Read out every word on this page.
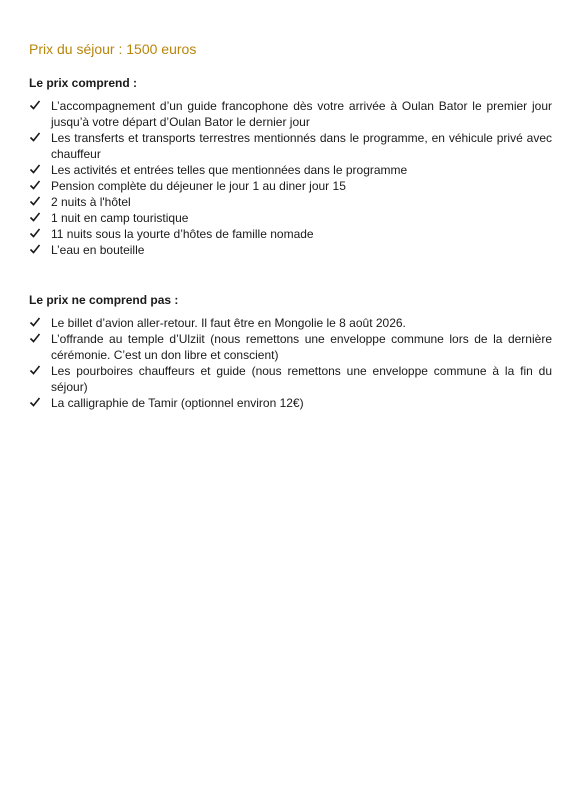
Prix du séjour : 1500 euros
Le prix comprend :
L’accompagnement d’un guide francophone dès votre arrivée à Oulan Bator le premier jour jusqu’à votre départ d’Oulan Bator le dernier jour
Les transferts et transports terrestres mentionnés dans le programme, en véhicule privé avec chauffeur
Les activités et entrées telles que mentionnées dans le programme
Pension complète du déjeuner le jour 1 au diner jour 15
2 nuits à l'hôtel
1 nuit en camp touristique
11 nuits sous la yourte d’hôtes de famille nomade
L’eau en bouteille
Le prix ne comprend pas :
Le billet d’avion aller-retour. Il faut être en Mongolie le 8 août 2026.
L’offrande au temple d’Ulziit (nous remettons une enveloppe commune lors de la dernière cérémonie. C’est un don libre et conscient)
Les pourboires chauffeurs et guide (nous remettons une enveloppe commune à la fin du séjour)
La calligraphie de Tamir (optionnel environ 12€)
